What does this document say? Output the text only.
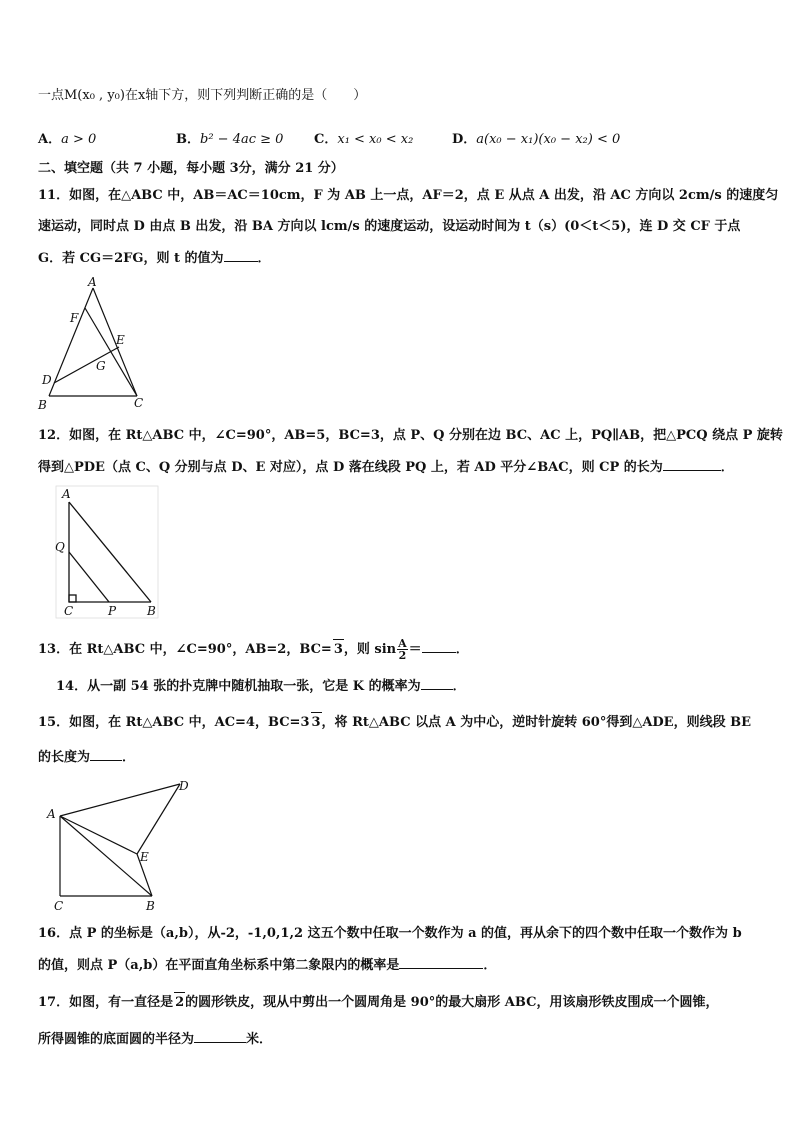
一点M(x₀ , y₀)在x轴下方，则下列判断正确的是（　　）
A．a > 0	B．b² − 4ac ≥ 0 C．x₁ < x₀ < x₂	D．a(x₀ − x₁)(x₀ − x₂) < 0
二、填空题（共 7 小题，每小题 3分，满分 21 分）
11．如图，在△ABC 中，AB＝AC＝10cm，F 为 AB 上一点，AF＝2，点 E 从点 A 出发，沿 AC 方向以 2cm/s 的速度匀
速运动，同时点 D 由点 B 出发，沿 BA 方向以 lcm/s 的速度运动，设运动时间为 t（s）(0＜t＜5)，连 D 交 CF 于点
G．若 CG＝2FG，则 t 的值为	．
A
F
E
G
D
B	C
12．如图，在 Rt△ABC 中，∠C=90°，AB=5，BC=3，点 P、Q 分别在边 BC、AC 上，PQ∥AB，把△PCQ 绕点 P 旋转
得到△PDE（点 C、Q 分别与点 D、E 对应），点 D 落在线段 PQ 上，若 AD 平分∠BAC，则 CP 的长为	．
A
Q
C	P	B
13．在 Rt△ABC 中，∠C=90°，AB=2，BC= 3，则 $\sin \frac{A}{2}$ ＝	．
14．从一副 54 张的扑克牌中随机抽取一张，它是 K 的概率为 ．
15．如图，在 Rt△ABC 中，AC=4，BC=3 3，将 Rt△ABC 以点 A 为中心，逆时针旋转 60°得到△ADE，则线段 BE
的长度为 ．
D
A
E
C	B
16．点 P 的坐标是（a,b），从-2，-1,0,1,2 这五个数中任取一个数作为 a 的值，再从余下的四个数中任取一个数作为 b
的值，则点 P（a,b）在平面直角坐标系中第二象限内的概率是	．
17．如图，有一直径是 2的圆形铁皮，现从中剪出一个圆周角是 90°的最大扇形 ABC，用该扇形铁皮围成一个圆锥，
所得圆锥的底面圆的半径为	米．
